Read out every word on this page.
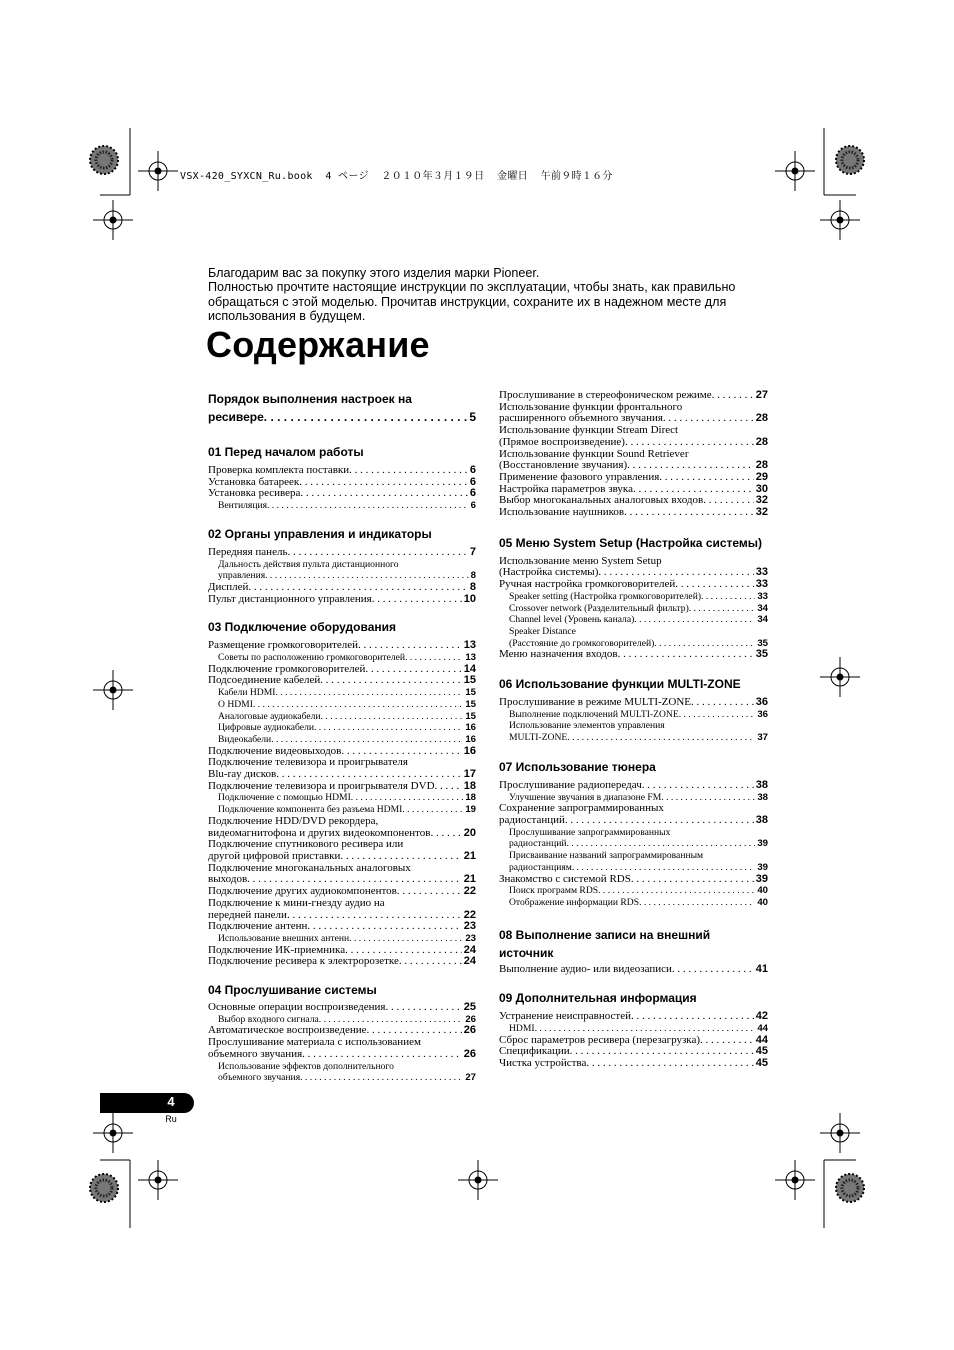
VSX-420_SYXCN_Ru.book 4 ページ ２０１０年３月１９日 金曜日 午前９時１６分

Благодарим вас за покупку этого изделия марки Pioneer.

Полностью прочтите настоящие инструкции по эксплуатации, чтобы знать, как правильно обращаться с этой моделью. Прочитав инструкции, сохраните их в надежном месте для использования в будущем.

Содержание
Порядок выполнения настроек на
ресивере . . .	5
01 Перед началом работы
Проверка комплекта поставки . . .	6
Установка батареек . . .	6
Установка ресивера . . .	6
Вентиляция . . .	6
02 Органы управления и индикаторы
Передняя панель . . .	7
Дальность действия пульта дистанционного
управления . . .	8
Дисплей . . .	8
Пульт дистанционного управления . . .	10
03 Подключение оборудования
Размещение громкоговорителей . . .	13
Советы по расположению громкоговорителей . . .	13
Подключение громкоговорителей . . .	14
Подсоединение кабелей . . .	15
Кабели HDMI . . .	15
О HDMI . . .	15
Аналоговые аудиокабели . . .	15
Цифровые аудиокабели . . .	16
Видеокабели . . .	16
Подключение видеовыходов . . .	16
Подключение телевизора и проигрывателя
Blu-ray дисков . . .	17
Подключение телевизора и проигрывателя DVD . . .	18
Подключение с помощью HDMI . . .	18
Подключение компонента без разъема HDMI . . .	19
Подключение HDD/DVD рекордера,
видеомагнитофона и других видеокомпонентов . . .	20
Подключение спутникового ресивера или
другой цифровой приставки . . .	21
Подключение многоканальных аналоговых
выходов . . .	21
Подключение других аудиокомпонентов . . .	22
Подключение к мини-гнезду аудио на
передней панели . . .	22
Подключение антенн . . .	23
Использование внешних антенн . . .	23
Подключение ИК-приемника . . .	24
Подключение ресивера к электророзетке . . .	24
04 Прослушивание системы
Основные операции воспроизведения . . .	25
Выбор входного сигнала . . .	26
Автоматическое воспроизведение . . .	26
Прослушивание материала с использованием
объемного звучания . . .	26
Использование эффектов дополнительного
объемного звучания . . .	27
Прослушивание в стереофоническом режиме . . .	27
Использование функции фронтального
расширенного объемного звучания . . .	28
Использование функции Stream Direct
(Прямое воспроизведение) . . .	28
Использование функции Sound Retriever
(Восстановление звучания) . . .	28
Применение фазового управления . . .	29
Настройка параметров звука . . .	30
Выбор многоканальных аналоговых входов . . .	32
Использование наушников . . .	32
05 Меню System Setup (Настройка системы)
Использование меню System Setup
(Настройка системы) . . .	33
Ручная настройка громкоговорителей . . .	33
Speaker setting (Настройка громкоговорителей) . . .	33
Crossover network (Разделительный фильтр) . . .	34
Channel level (Уровень канала) . . .	34
Speaker Distance
(Расстояние до громкоговорителей) . . .	35
Меню назначения входов . . .	35
06 Использование функции MULTI-ZONE
Прослушивание в режиме MULTI-ZONE . . .	36
Выполнение подключений MULTI-ZONE . . .	36
Использование элементов управления
MULTI-ZONE . . .	37
07 Использование тюнера
Прослушивание радиопередач . . .	38
Улучшение звучания в диапазоне FM . . .	38
Сохранение запрограммированных
радиостанций . . .	38
Прослушивание запрограммированных
радиостанций . . .	39
Присваивание названий запрограммированным
радиостанциям . . .	39
Знакомство с системой RDS . . .	39
Поиск программ RDS . . .	40
Отображение информации RDS . . .	40
08 Выполнение записи на внешний
источник
Выполнение аудио- или видеозаписи . . .	41
09 Дополнительная информация
Устранение неисправностей . . .	42
HDMI . . .	44
Сброс параметров ресивера (перезагрузка) . . .	44
Спецификации . . .	45
Чистка устройства . . .	45
4
Ru
